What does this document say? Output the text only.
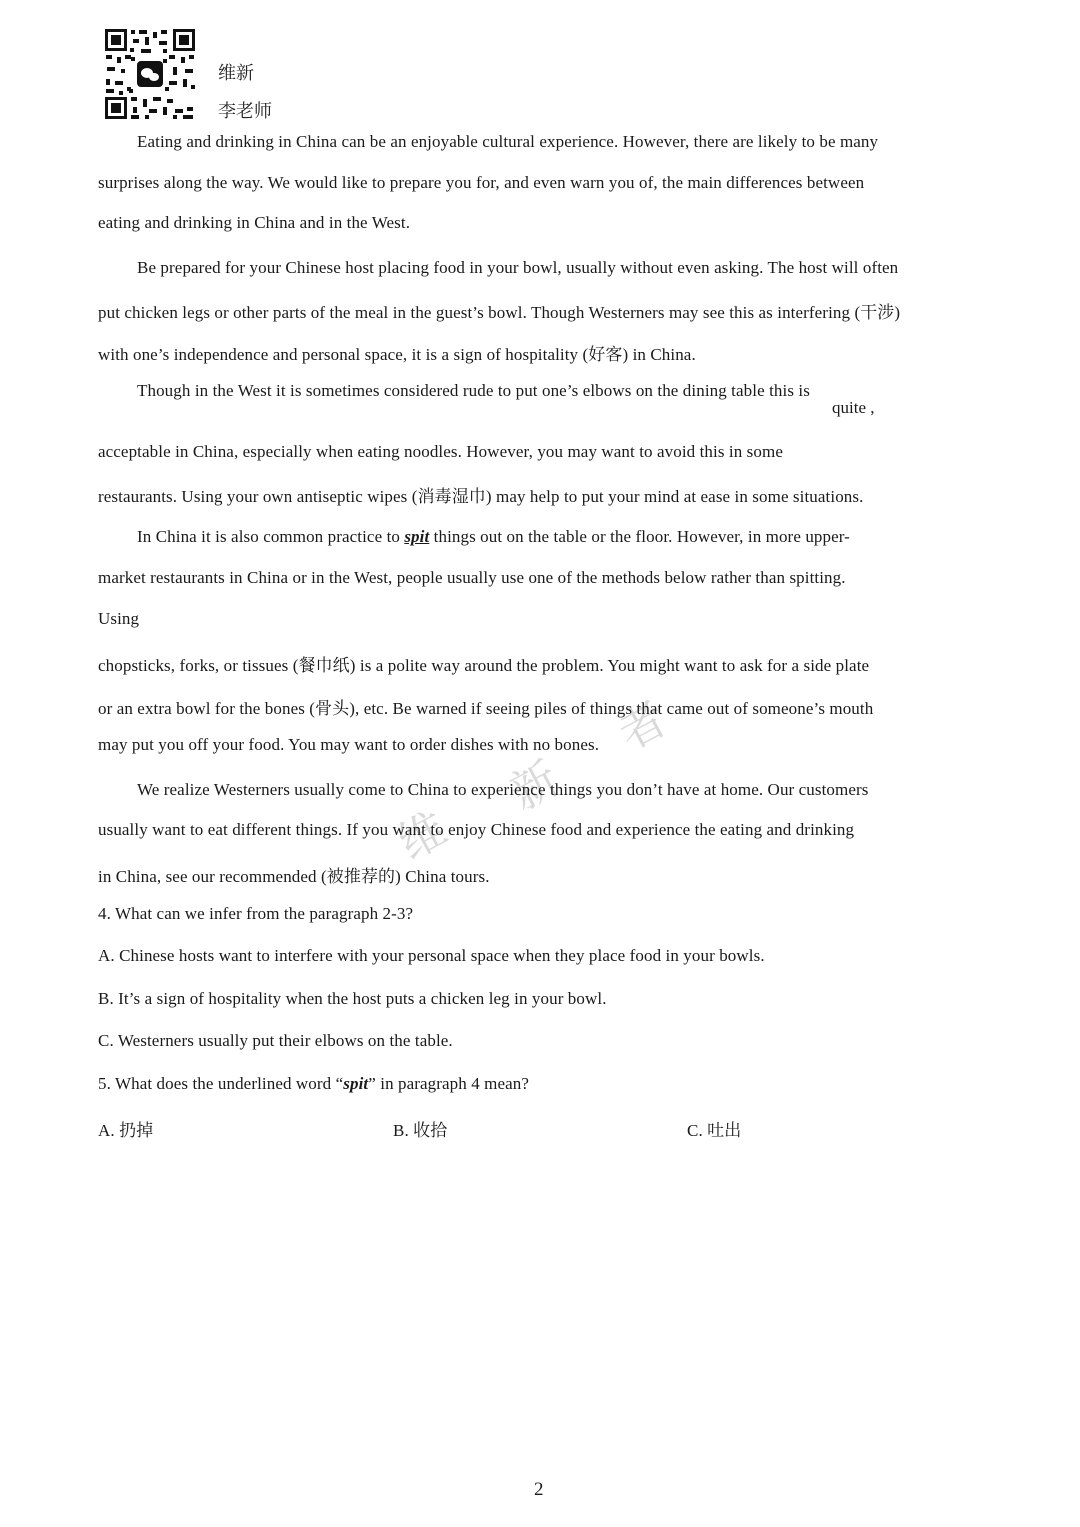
维新
李老师
维
新
者
Eating and drinking in China can be an enjoyable cultural experience. However, there are likely to be many
surprises along the way. We would like to prepare you for, and even warn you of, the main differences between
eating and drinking in China and in the West.
Be prepared for your Chinese host placing food in your bowl, usually without even asking. The host will often
put chicken legs or other parts of the meal in the guest’s bowl. Though Westerners may see this as interfering (干涉)
with one’s independence and personal space, it is a sign of hospitality (好客) in China.
Though in the West it is sometimes considered rude to put one’s elbows on the dining table this is
quite ,
acceptable in China, especially when eating noodles. However, you may want to avoid this in some
restaurants. Using your own antiseptic wipes (消毒湿巾) may help to put your mind at ease in some situations.
In China it is also common practice to spit things out on the table or the floor. However, in more upper-
market restaurants in China or in the West, people usually use one of the methods below rather than spitting.
Using
chopsticks, forks, or tissues (餐巾纸) is a polite way around the problem. You might want to ask for a side plate
or an extra bowl for the bones (骨头), etc. Be warned if seeing piles of things that came out of someone’s mouth
may put you off your food. You may want to order dishes with no bones.
We realize Westerners usually come to China to experience things you don’t have at home. Our customers
usually want to eat different things. If you want to enjoy Chinese food and experience the eating and drinking
in China, see our recommended (被推荐的) China tours.
4. What can we infer from the paragraph 2-3?
A. Chinese hosts want to interfere with your personal space when they place food in your bowls.
B. It’s a sign of hospitality when the host puts a chicken leg in your bowl.
C. Westerners usually put their elbows on the table.
5. What does the underlined word “spit” in paragraph 4 mean?
A. 扔掉	B. 收拾	C. 吐出
2
